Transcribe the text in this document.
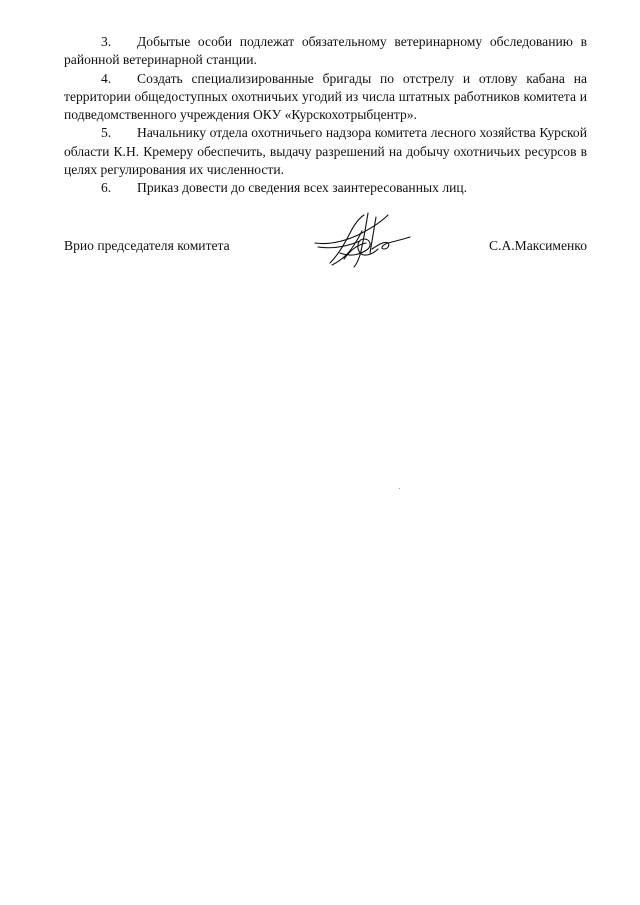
3. Добытые особи подлежат обязательному ветеринарному обследованию в районной ветеринарной станции.

4. Создать специализированные бригады по отстрелу и отлову кабана на территории общедоступных охотничьих угодий из числа штатных работников комитета и подведомственного учреждения ОКУ «Курскохотрыбцентр».

5. Начальнику отдела охотничьего надзора комитета лесного хозяйства Курской области К.Н. Кремеру обеспечить, выдачу разрешений на добычу охотничьих ресурсов в целях регулирования их численности.

6. Приказ довести до сведения всех заинтересованных лиц.

Врио председателя комитета	С.А.Максименко
